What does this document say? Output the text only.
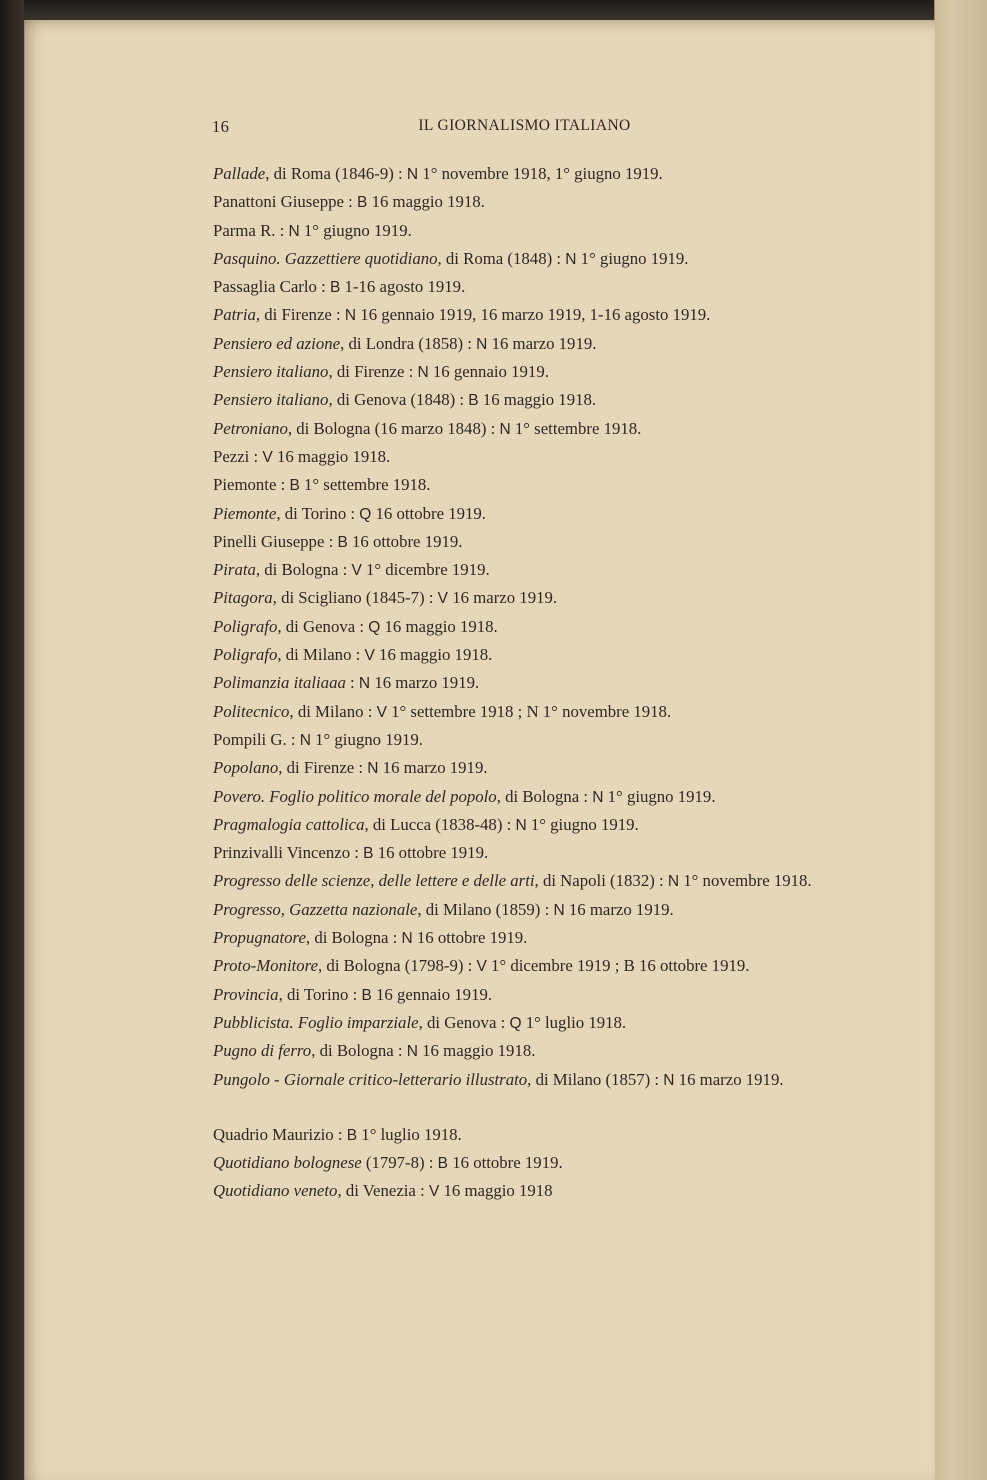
16	IL GIORNALISMO ITALIANO
Pallade, di Roma (1846-9) : N 1° novembre 1918, 1° giugno 1919.
Panattoni Giuseppe : B 16 maggio 1918.
Parma R. : N 1° giugno 1919.
Pasquino. Gazzettiere quotidiano, di Roma (1848) : N 1° giugno 1919.
Passaglia Carlo : B 1-16 agosto 1919.
Patria, di Firenze : N 16 gennaio 1919, 16 marzo 1919, 1-16 agosto 1919.
Pensiero ed azione, di Londra (1858) : N 16 marzo 1919.
Pensiero italiano, di Firenze : N 16 gennaio 1919.
Pensiero italiano, di Genova (1848) : B 16 maggio 1918.
Petroniano, di Bologna (16 marzo 1848) : N 1° settembre 1918.
Pezzi : V 16 maggio 1918.
Piemonte : B 1° settembre 1918.
Piemonte, di Torino : Q 16 ottobre 1919.
Pinelli Giuseppe : B 16 ottobre 1919.
Pirata, di Bologna : V 1° dicembre 1919.
Pitagora, di Scigliano (1845-7) : V 16 marzo 1919.
Poligrafo, di Genova : Q 16 maggio 1918.
Poligrafo, di Milano : V 16 maggio 1918.
Polimanzia italiaaa : N 16 marzo 1919.
Politecnico, di Milano : V 1° settembre 1918 ; N 1° novembre 1918.
Pompili G. : N 1° giugno 1919.
Popolano, di Firenze : N 16 marzo 1919.
Povero. Foglio politico morale del popolo, di Bologna : N 1° giugno 1919.
Pragmalogia cattolica, di Lucca (1838-48) : N 1° giugno 1919.
Prinzivalli Vincenzo : B 16 ottobre 1919.
Progresso delle scienze, delle lettere e delle arti, di Napoli (1832) : N 1° novembre 1918.
Progresso, Gazzetta nazionale, di Milano (1859) : N 16 marzo 1919.
Propugnatore, di Bologna : N 16 ottobre 1919.
Proto-Monitore, di Bologna (1798-9) : V 1° dicembre 1919 ; B 16 ottobre 1919.
Provincia, di Torino : B 16 gennaio 1919.
Pubblicista. Foglio imparziale, di Genova : Q 1° luglio 1918.
Pugno di ferro, di Bologna : N 16 maggio 1918.
Pungolo - Giornale critico-letterario illustrato, di Milano (1857) : N 16 marzo 1919.
Quadrio Maurizio : B 1° luglio 1918.
Quotidiano bolognese (1797-8) : B 16 ottobre 1919.
Quotidiano veneto, di Venezia : V 16 maggio 1918
